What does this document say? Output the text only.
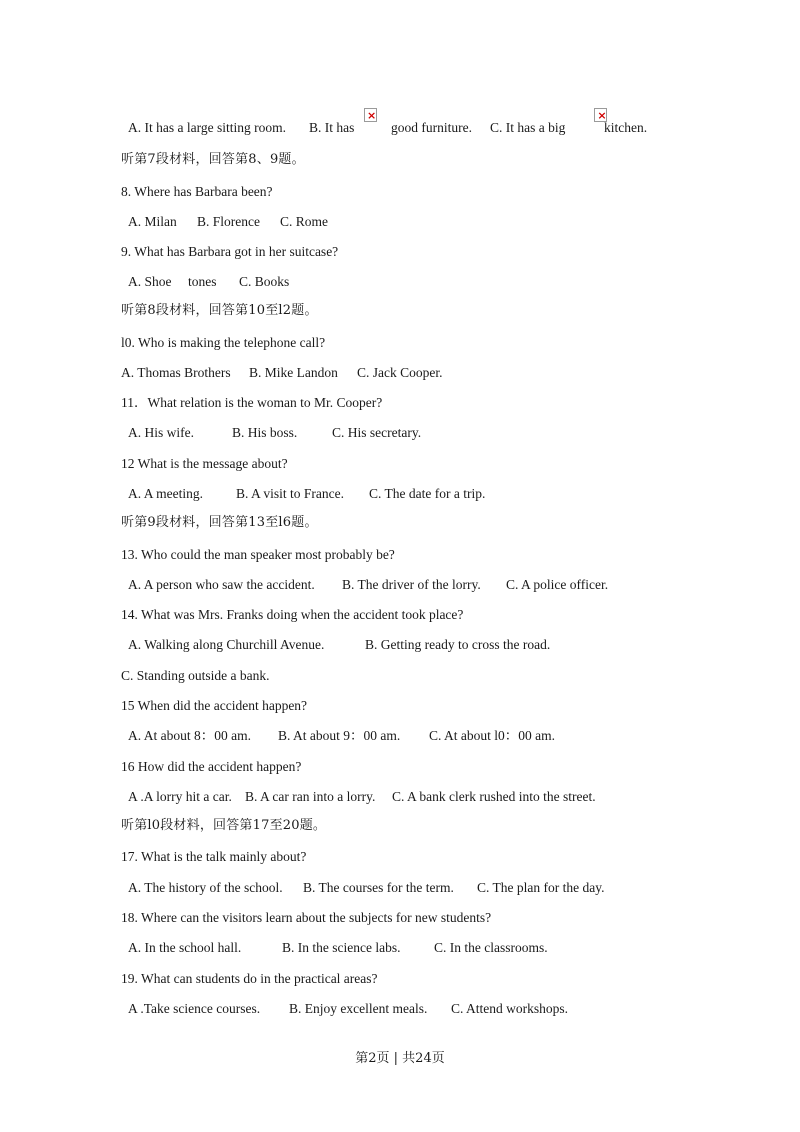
A. It has a large sitting room. B. It has
×	good furniture. C. It has a big
×	kitchen.
听第7段材料，回答第8、9题。
8. Where has Barbara been?
A. Milan B. Florence C. Rome
9. What has Barbara got in her suitcase?
A. Shoe tones C. Books
听第8段材料，回答第10至l2题。
l0. Who is making the telephone call?
A. Thomas Brothers B. Mike Landon C. Jack Cooper.
11．What relation is the woman to Mr. Cooper?
A. His wife.	B. His boss.	C. His secretary.
12 What is the message about?
A. A meeting. B. A visit to France. C. The date for a trip.
听第9段材料，回答第13至l6题。
13. Who could the man speaker most probably be?
A. A person who saw the accident. B. The driver of the lorry. C. A police officer.
14. What was Mrs. Franks doing when the accident took place?
A. Walking along Churchill Avenue.	B. Getting ready to cross the road.
C. Standing outside a bank.
15 When did the accident happen?
A. At about 8：00 am. B. At about 9：00 am. C. At about l0：00 am.
16 How did the accident happen?
A .A lorry hit a car. B. A car ran into a lorry. C. A bank clerk rushed into the street.
听第l0段材料，回答第17至20题。
17. What is the talk mainly about?
A. The history of the school. B. The courses for the term. C. The plan for the day.
18. Where can the visitors learn about the subjects for new students?
A. In the school hall.	B. In the science labs. C. In the classrooms.
19. What can students do in the practical areas?
A .Take science courses. B. Enjoy excellent meals. C. Attend workshops.
第2页 | 共24页
